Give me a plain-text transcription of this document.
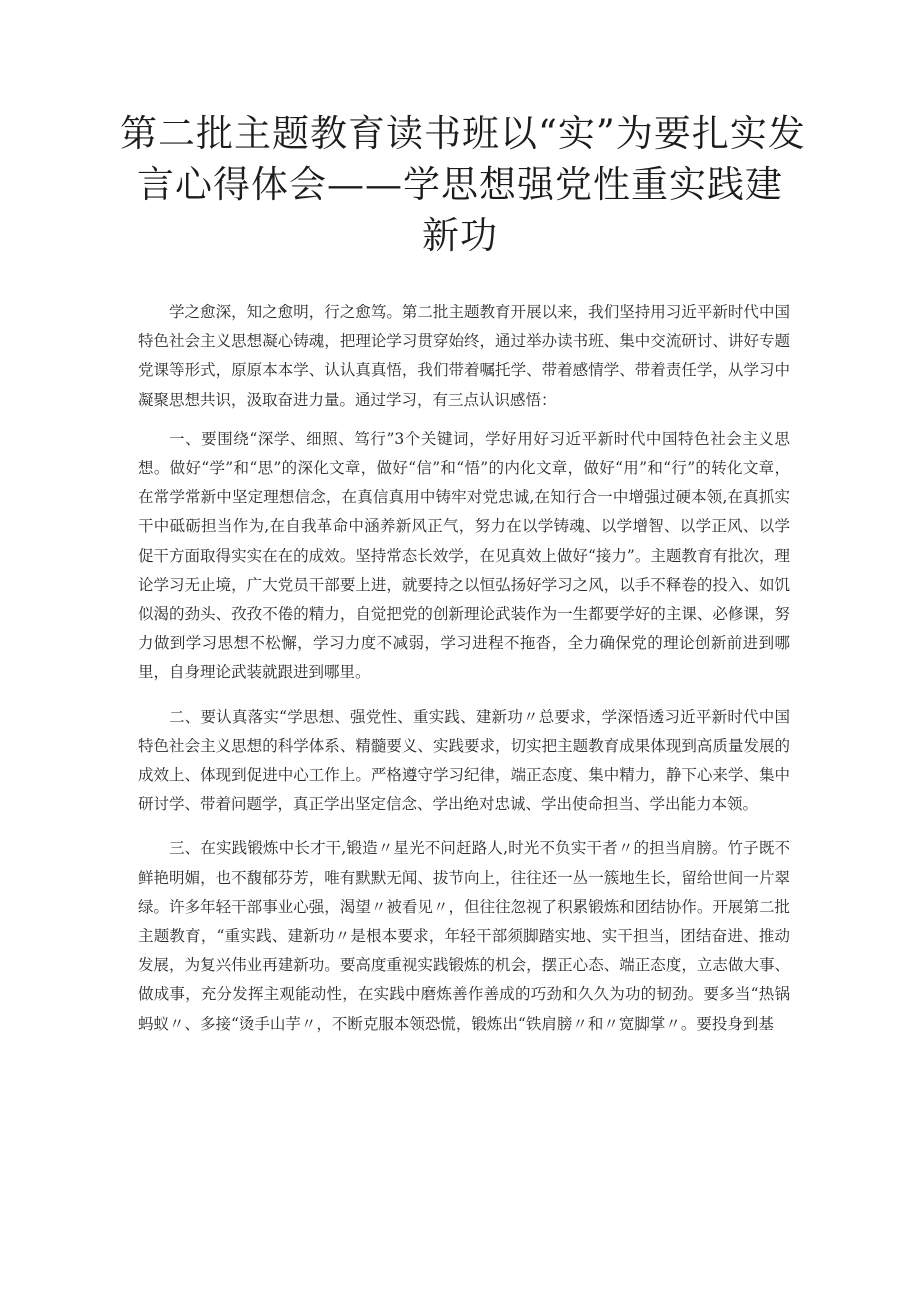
第二批主题教育读书班以“实”为要扎实发
言心得体会——学思想强党性重实践建
新功

学之愈深，知之愈明，行之愈笃。第二批主题教育开展以来，我们坚持用习近平新时代中国特色社会主义思想凝心铸魂，把理论学习贯穿始终，通过举办读书班、集中交流研讨、讲好专题党课等形式，原原本本学、认认真真悟，我们带着嘱托学、带着感情学、带着责任学，从学习中凝聚思想共识，汲取奋进力量。通过学习，有三点认识感悟：

一、要围绕“深学、细照、笃行”3个关键词，学好用好习近平新时代中国特色社会主义思想。做好“学”和“思”的深化文章，做好“信”和“悟”的内化文章，做好“用”和“行”的转化文章，在常学常新中坚定理想信念，在真信真用中铸牢对党忠诚,在知行合一中增强过硬本领,在真抓实干中砥砺担当作为,在自我革命中涵养新风正气，努力在以学铸魂、以学增智、以学正风、以学促干方面取得实实在在的成效。坚持常态长效学，在见真效上做好“接力”。主题教育有批次，理论学习无止境，广大党员干部要上进，就要持之以恒弘扬好学习之风，以手不释卷的投入、如饥似渴的劲头、孜孜不倦的精力，自觉把党的创新理论武装作为一生都要学好的主课、必修课，努力做到学习思想不松懈，学习力度不减弱，学习进程不拖沓，全力确保党的理论创新前进到哪里，自身理论武装就跟进到哪里。

二、要认真落实“学思想、强党性、重实践、建新功〃总要求，学深悟透习近平新时代中国特色社会主义思想的科学体系、精髓要义、实践要求，切实把主题教育成果体现到高质量发展的成效上、体现到促进中心工作上。严格遵守学习纪律，端正态度、集中精力，静下心来学、集中研讨学、带着问题学，真正学出坚定信念、学出绝对忠诚、学出使命担当、学出能力本领。

三、在实践锻炼中长才干,锻造〃星光不问赶路人,时光不负实干者〃的担当肩膀。竹子既不鲜艳明媚，也不馥郁芬芳，唯有默默无闻、拔节向上，往往还一丛一簇地生长，留给世间一片翠绿。许多年轻干部事业心强，渴望〃被看见〃，但往往忽视了积累锻炼和团结协作。开展第二批主题教育，“重实践、建新功〃是根本要求，年轻干部须脚踏实地、实干担当，团结奋进、推动发展，为复兴伟业再建新功。要高度重视实践锻炼的机会，摆正心态、端正态度，立志做大事、做成事，充分发挥主观能动性，在实践中磨炼善作善成的巧劲和久久为功的韧劲。要多当“热锅蚂蚁〃、多接“烫手山芋〃，不断克服本领恐慌，锻炼出“铁肩膀〃和〃宽脚掌〃。要投身到基
